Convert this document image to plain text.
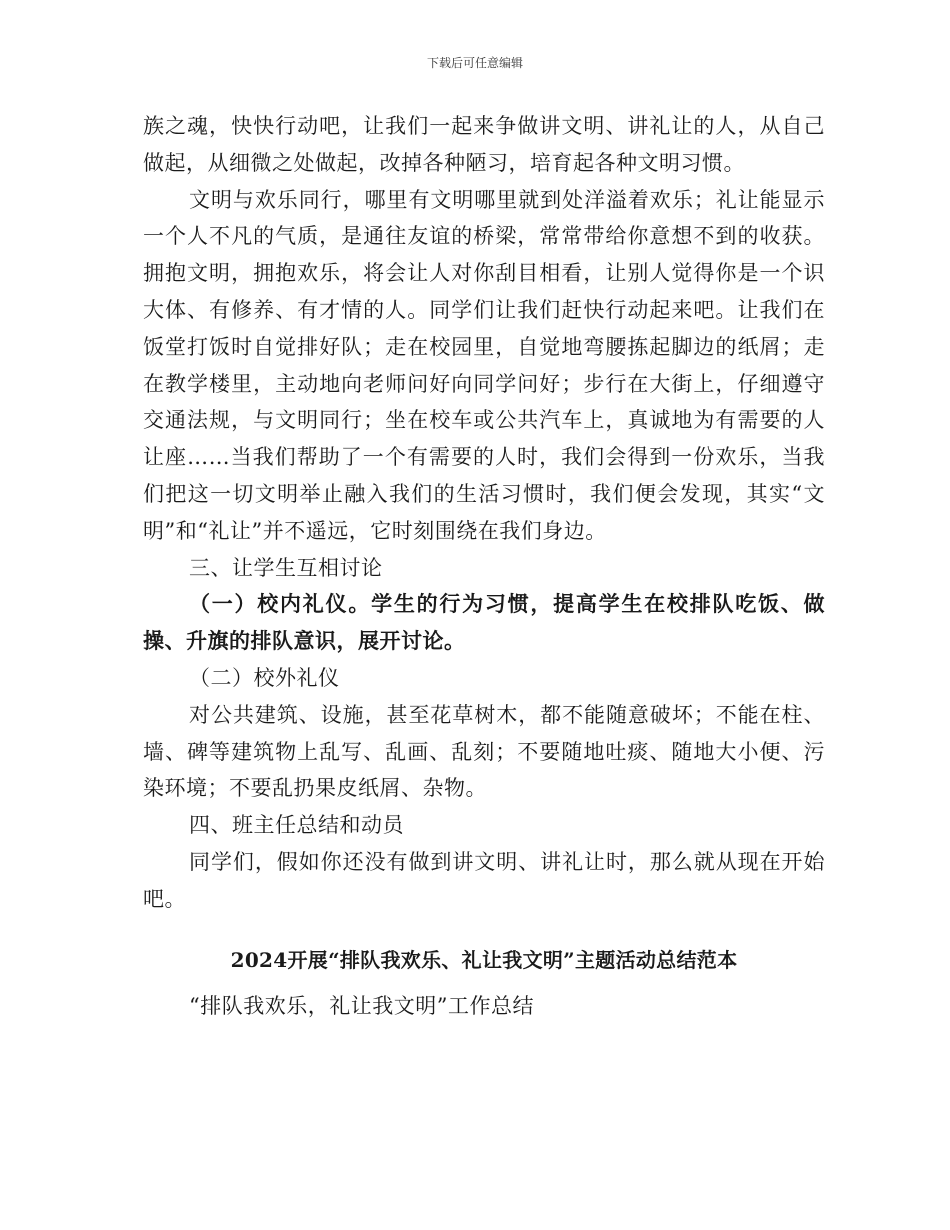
下载后可任意编辑

族之魂，快快行动吧，让我们一起来争做讲文明、讲礼让的人，从自己做起，从细微之处做起，改掉各种陋习，培育起各种文明习惯。

文明与欢乐同行，哪里有文明哪里就到处洋溢着欢乐；礼让能显示一个人不凡的气质，是通往友谊的桥梁，常常带给你意想不到的收获。拥抱文明，拥抱欢乐，将会让人对你刮目相看，让别人觉得你是一个识大体、有修养、有才情的人。同学们让我们赶快行动起来吧。让我们在饭堂打饭时自觉排好队；走在校园里，自觉地弯腰拣起脚边的纸屑；走在教学楼里，主动地向老师问好向同学问好；步行在大街上，仔细遵守交通法规，与文明同行；坐在校车或公共汽车上，真诚地为有需要的人让座……当我们帮助了一个有需要的人时，我们会得到一份欢乐，当我们把这一切文明举止融入我们的生活习惯时，我们便会发现，其实“文明”和“礼让”并不遥远，它时刻围绕在我们身边。

三、让学生互相讨论

（一）校内礼仪。学生的行为习惯，提高学生在校排队吃饭、做操、升旗的排队意识，展开讨论。

（二）校外礼仪

对公共建筑、设施，甚至花草树木，都不能随意破坏；不能在柱、墙、碑等建筑物上乱写、乱画、乱刻；不要随地吐痰、随地大小便、污染环境；不要乱扔果皮纸屑、杂物。

四、班主任总结和动员

同学们，假如你还没有做到讲文明、讲礼让时，那么就从现在开始吧。

2024开展“排队我欢乐、礼让我文明”主题活动总结范本

“排队我欢乐，礼让我文明”工作总结
